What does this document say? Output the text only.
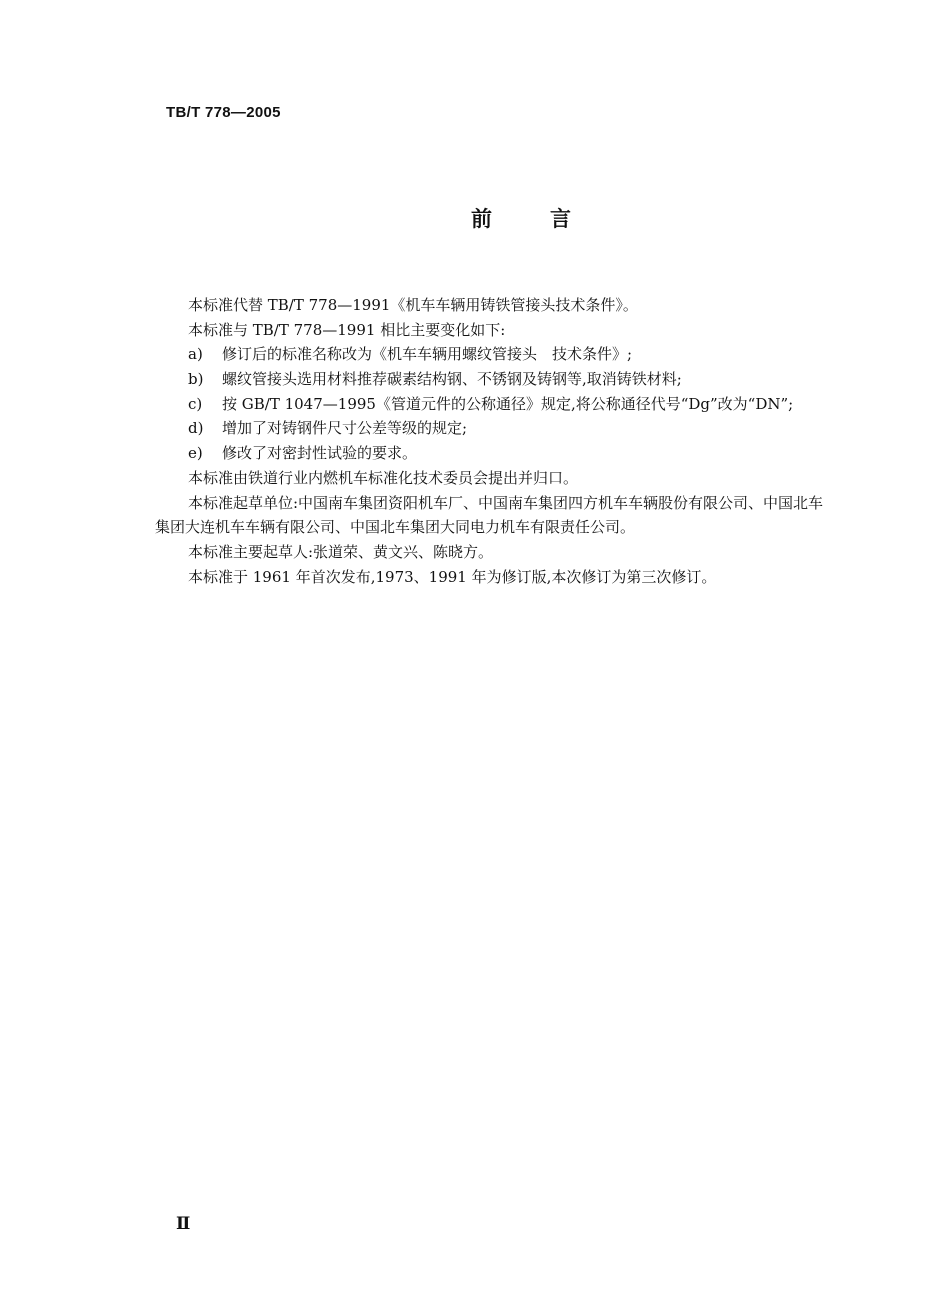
TB/T 778—2005
前	言
本标准代替 TB/T 778—1991《机车车辆用铸铁管接头技术条件》。
本标准与 TB/T 778—1991 相比主要变化如下:
a)	修订后的标准名称改为《机车车辆用螺纹管接头　技术条件》;
b)	螺纹管接头选用材料推荐碳素结构钢、不锈钢及铸钢等,取消铸铁材料;
c)	按 GB/T 1047—1995《管道元件的公称通径》规定,将公称通径代号“Dg”改为“DN”;
d)	增加了对铸钢件尺寸公差等级的规定;
e)	修改了对密封性试验的要求。
本标准由铁道行业内燃机车标准化技术委员会提出并归口。
本标准起草单位:中国南车集团资阳机车厂、中国南车集团四方机车车辆股份有限公司、中国北车
集团大连机车车辆有限公司、中国北车集团大同电力机车有限责任公司。
本标准主要起草人:张道荣、黄文兴、陈晓方。
本标准于 1961 年首次发布,1973、1991 年为修订版,本次修订为第三次修订。
Ⅱ
